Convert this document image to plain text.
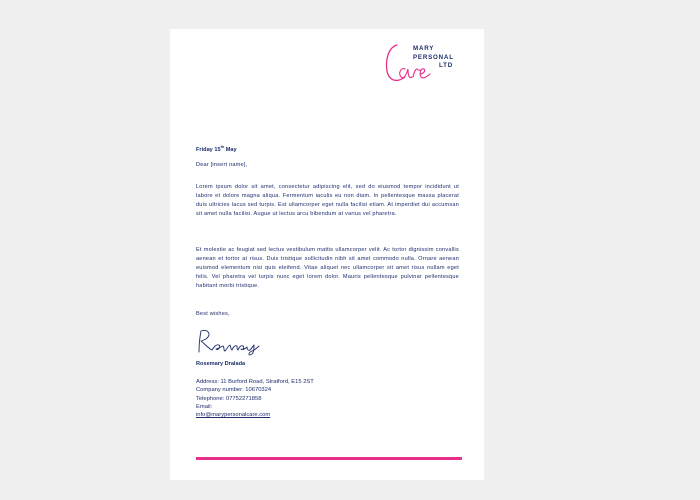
MARY
PERSONAL
LTD
Friday 15th May

Dear [insert name],

Lorem ipsum dolor sit amet, consectetur adipiscing elit, sed do eiusmod tempor incididunt ut labore et dolore magna aliqua. Fermentum iaculis eu non diam. In pellentesque massa placerat duis ultricies lacus sed turpis. Est ullamcorper eget nulla facilisi etiam. At imperdiet dui accumsan sit amet nulla facilisi. Augue ut lectus arcu bibendum at varius vel pharetra.

Et molestie ac feugiat sed lectus vestibulum mattis ullamcorper velit. Ac tortor dignissim convallis aenean et tortor at risus. Duis tristique sollicitudin nibh sit amet commodo nulla. Ornare aenean euismod elementum nisi quis eleifend. Vitae aliquet nec ullamcorper sit amet risus nullam eget felis. Vel pharetra vel turpis nunc eget lorem dolor. Mauris pellentesque pulvinar pellentesque habitant morbi tristique.

Best wishes,

Rosemary Dralada
Address: 11 Burford Road, Stratford, E15 2ST
Company number: 10670324
Telephone: 07752271858
Email:
info@marypersonalcare.com
